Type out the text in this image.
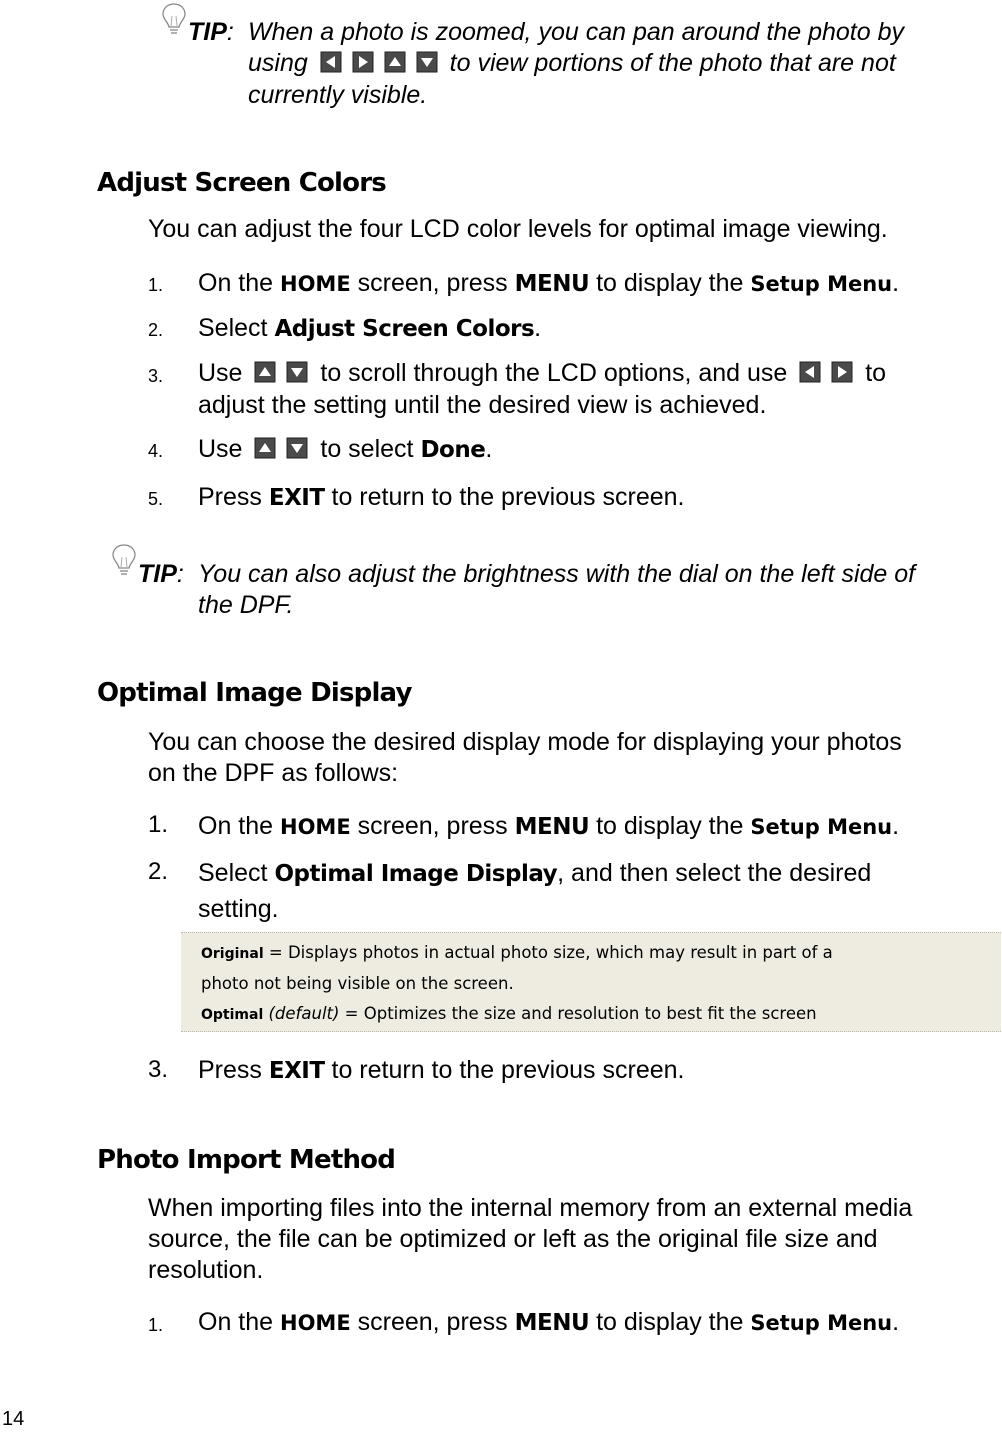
TIP: When a photo is zoomed, you can pan around the photo by
using	to view portions of the photo that are not
currently visible.
Adjust Screen Colors
You can adjust the four LCD color levels for optimal image viewing.
1. On the HOME screen, press MENU to display the Setup Menu.
2. Select Adjust Screen Colors.
3. Use	to scroll through the LCD options, and use	to
adjust the setting until the desired view is achieved.
4. Use	to select Done.
5. Press EXIT to return to the previous screen.
TIP: You can also adjust the brightness with the dial on the left side of
the DPF.
Optimal Image Display
You can choose the desired display mode for displaying your photos
on the DPF as follows:
1. On the HOME screen, press MENU to display the Setup Menu.
2. Select Optimal Image Display, and then select the desired
setting.
Original = Displays photos in actual photo size, which may result in part of a
photo not being visible on the screen.
Optimal (default) = Optimizes the size and resolution to best fit the screen
3. Press EXIT to return to the previous screen.
Photo Import Method
When importing files into the internal memory from an external media
source, the file can be optimized or left as the original file size and
resolution.
1. On the HOME screen, press MENU to display the Setup Menu.
14
